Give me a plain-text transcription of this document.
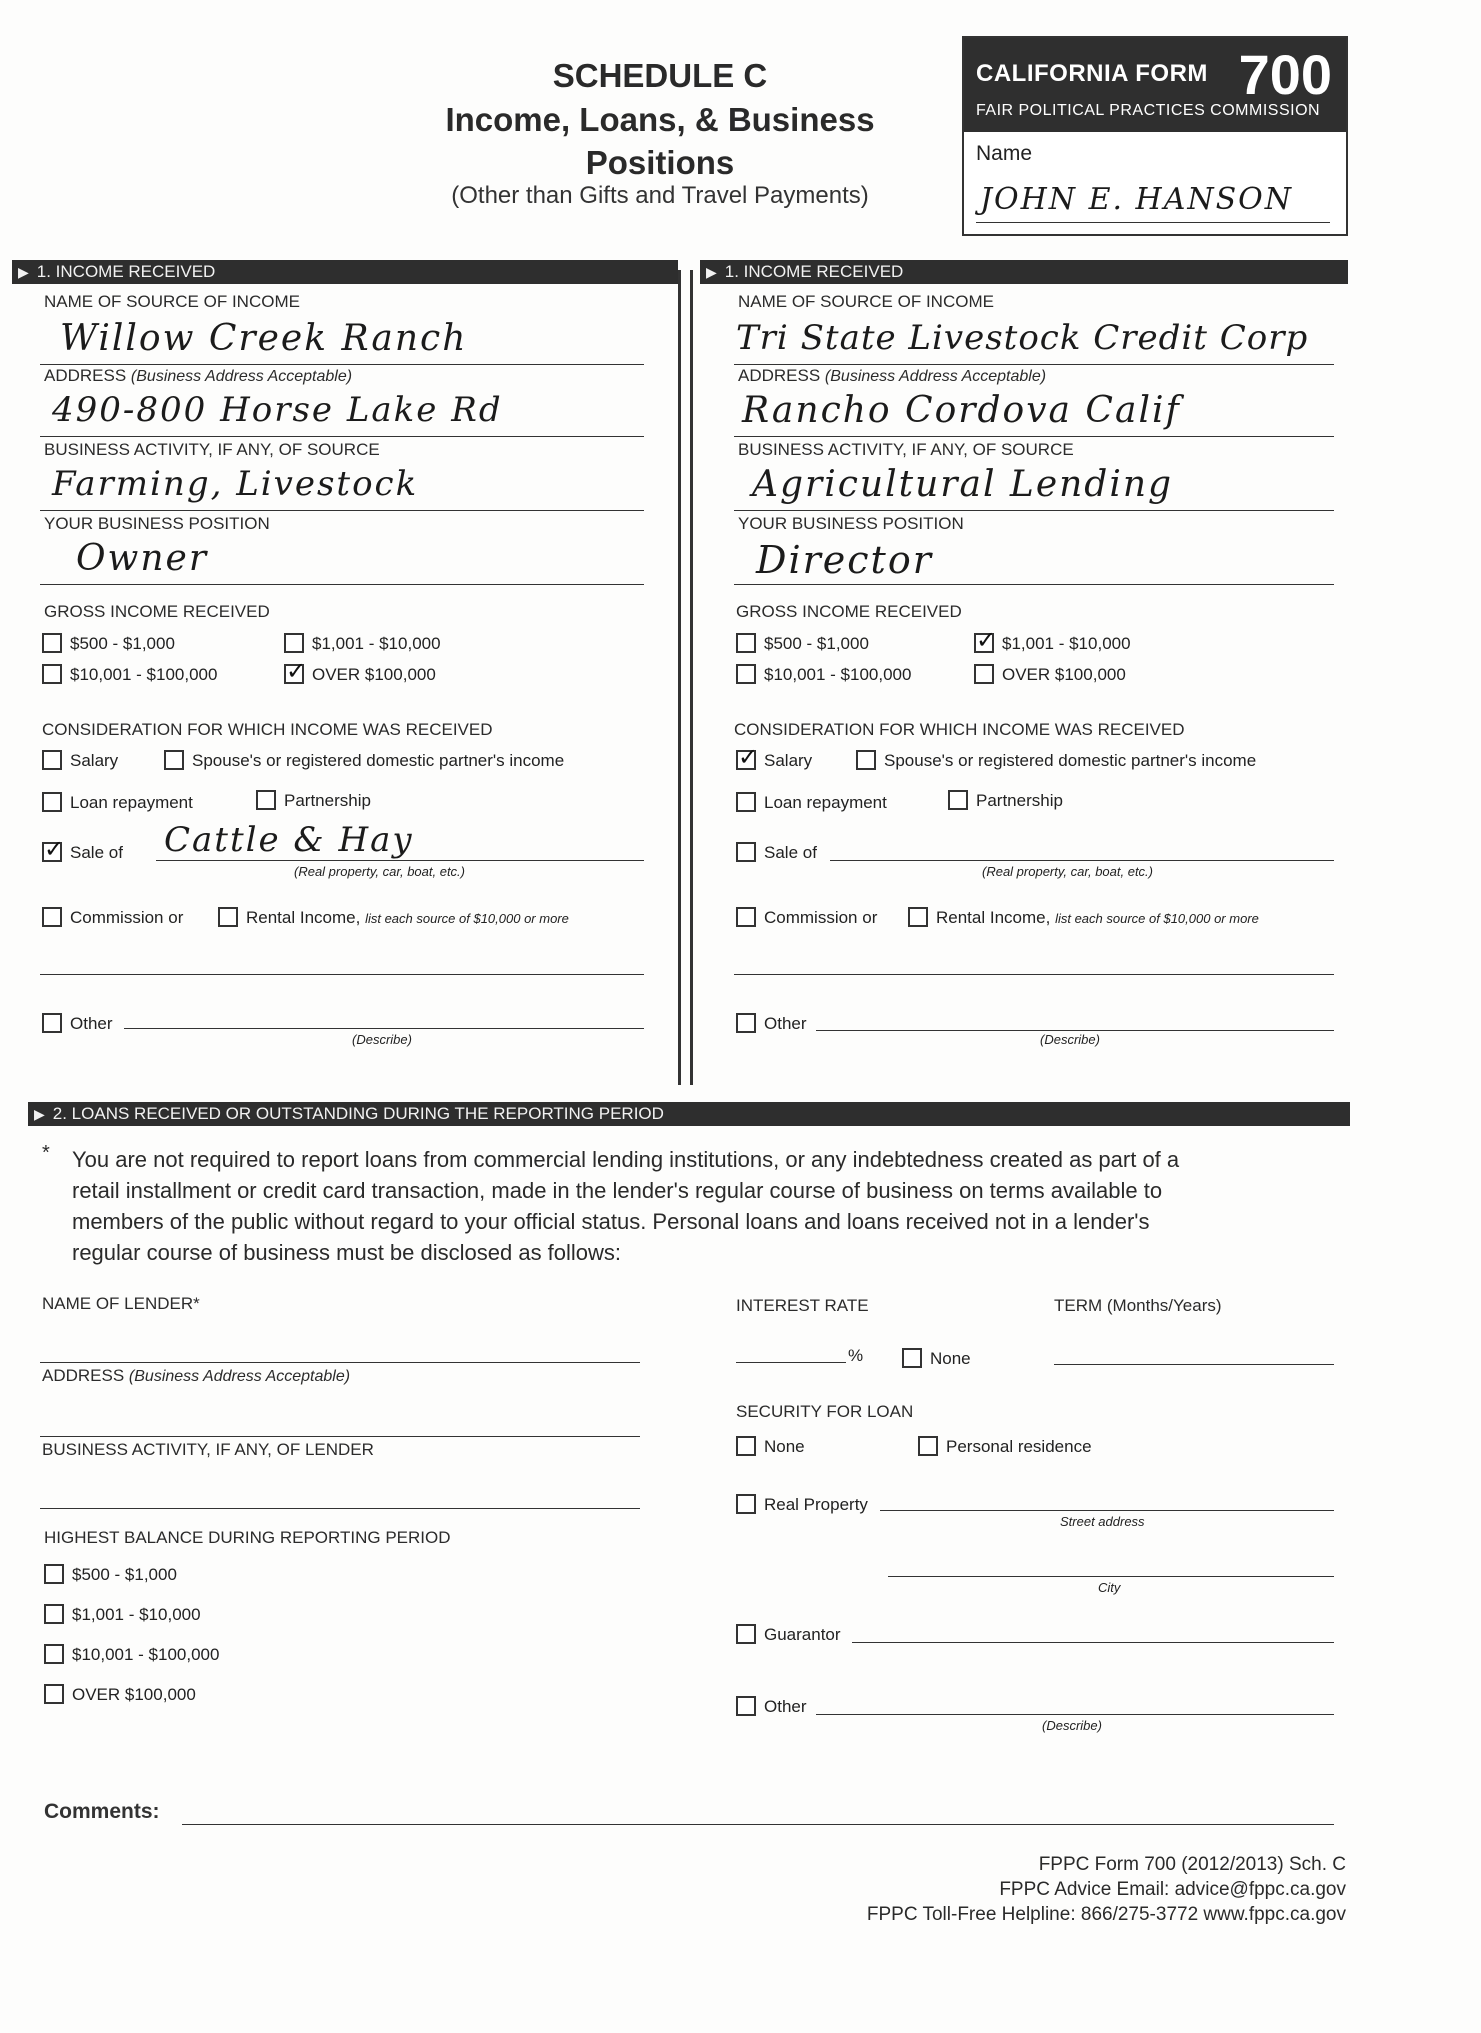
SCHEDULE C
Income, Loans, & Business
Positions
(Other than Gifts and Travel Payments)
CALIFORNIA FORM 700
FAIR POLITICAL PRACTICES COMMISSION
Name
JOHN E. HANSON
▶ 1. INCOME RECEIVED	▶ 1. INCOME RECEIVED
NAME OF SOURCE OF INCOME
Willow Creek Ranch
ADDRESS (Business Address Acceptable)
490-800 Horse Lake Rd
BUSINESS ACTIVITY, IF ANY, OF SOURCE
Farming, Livestock
YOUR BUSINESS POSITION
Owner
GROSS INCOME RECEIVED
$500 - $1,000	$1,001 - $10,000
$10,001 - $100,000 ✓	OVER $100,000
CONSIDERATION FOR WHICH INCOME WAS RECEIVED
Salary	Spouse's or registered domestic partner's income
Loan repayment	Partnership
✓Sale of Cattle & Hay
(Real property, car, boat, etc.)
Commission or	Rental Income, list each source of $10,000 or more
Other
(Describe)
NAME OF SOURCE OF INCOME
Tri State Livestock Credit Corp
ADDRESS (Business Address Acceptable)
Rancho Cordova Calif
BUSINESS ACTIVITY, IF ANY, OF SOURCE
Agricultural Lending
YOUR BUSINESS POSITION
Director
GROSS INCOME RECEIVED
$500 - $1,000 ✓	$1,001 - $10,000
$10,001 - $100,000	OVER $100,000
CONSIDERATION FOR WHICH INCOME WAS RECEIVED
✓Salary	Spouse's or registered domestic partner's income
Loan repayment	Partnership
Sale of
(Real property, car, boat, etc.)
Commission or	Rental Income, list each source of $10,000 or more
Other
(Describe)
▶ 2. LOANS RECEIVED OR OUTSTANDING DURING THE REPORTING PERIOD
* You are not required to report loans from commercial lending institutions, or any indebtedness created as part of a
retail installment or credit card transaction, made in the lender's regular course of business on terms available to
members of the public without regard to your official status. Personal loans and loans received not in a lender's
regular course of business must be disclosed as follows:
NAME OF LENDER*
ADDRESS (Business Address Acceptable)
BUSINESS ACTIVITY, IF ANY, OF LENDER
HIGHEST BALANCE DURING REPORTING PERIOD
$500 - $1,000
$1,001 - $10,000
$10,001 - $100,000
OVER $100,000
INTEREST RATE	TERM (Months/Years)
%	None
SECURITY FOR LOAN
None	Personal residence
Real Property
Street address
City
Guarantor
Other
(Describe)
Comments:
FPPC Form 700 (2012/2013) Sch. C
FPPC Advice Email: advice@fppc.ca.gov
FPPC Toll-Free Helpline: 866/275-3772 www.fppc.ca.gov
